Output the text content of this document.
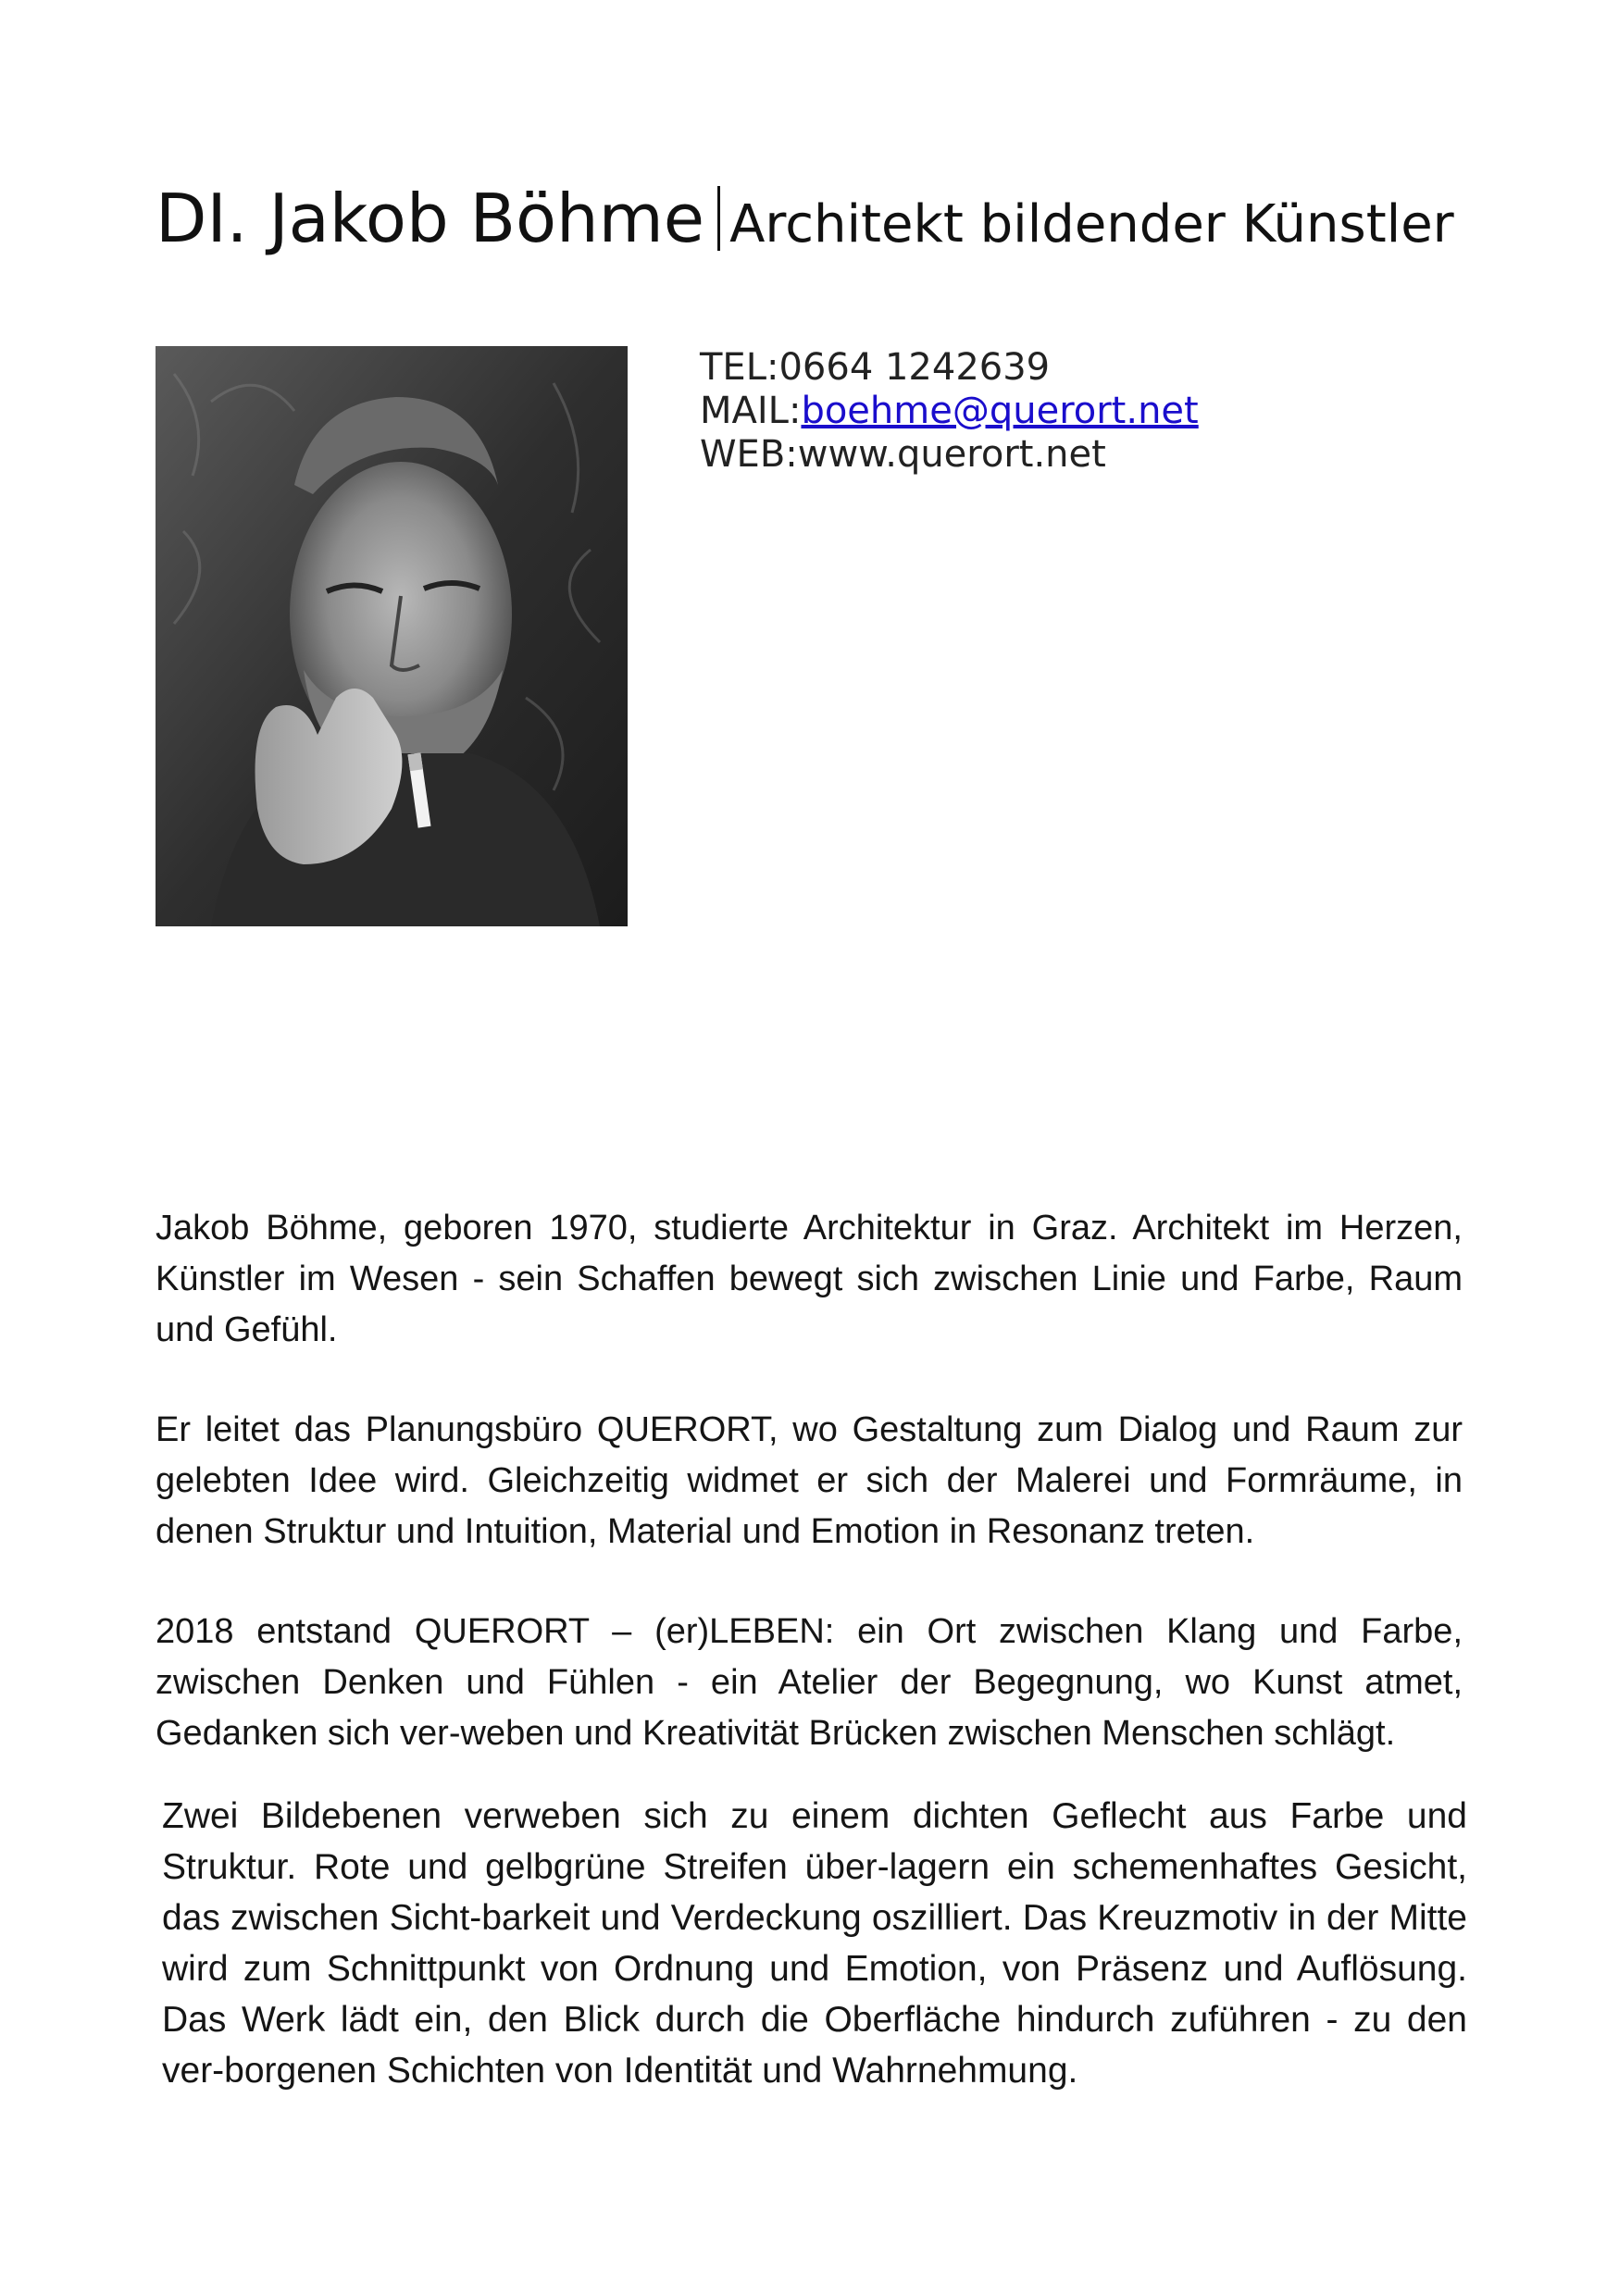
DI. Jakob Böhme Architekt bildender Künstler
TEL:0664 1242639
MAIL:boehme@querort.net
WEB:www.querort.net

Jakob Böhme, geboren 1970, studierte Architektur in Graz. Architekt im Herzen, Künstler im Wesen - sein Schaffen bewegt sich zwischen Linie und Farbe, Raum und Gefühl.

Er leitet das Planungsbüro QUERORT, wo Gestaltung zum Dialog und Raum zur gelebten Idee wird. Gleichzeitig widmet er sich der Malerei und Formräume, in denen Struktur und Intuition, Material und Emotion in Resonanz treten.

2018 entstand QUERORT – (er)LEBEN: ein Ort zwischen Klang und Farbe, zwischen Denken und Fühlen - ein Atelier der Begegnung, wo Kunst atmet, Gedanken sich ver-weben und Kreativität Brücken zwischen Menschen schlägt.

Zwei Bildebenen verweben sich zu einem dichten Geflecht aus Farbe und Struktur. Rote und gelbgrüne Streifen über-lagern ein schemenhaftes Gesicht, das zwischen Sicht-barkeit und Verdeckung oszilliert. Das Kreuzmotiv in der Mitte wird zum Schnittpunkt von Ordnung und Emotion, von Präsenz und Auflösung. Das Werk lädt ein, den Blick durch die Oberfläche hindurch zuführen - zu den ver-borgenen Schichten von Identität und Wahrnehmung.
